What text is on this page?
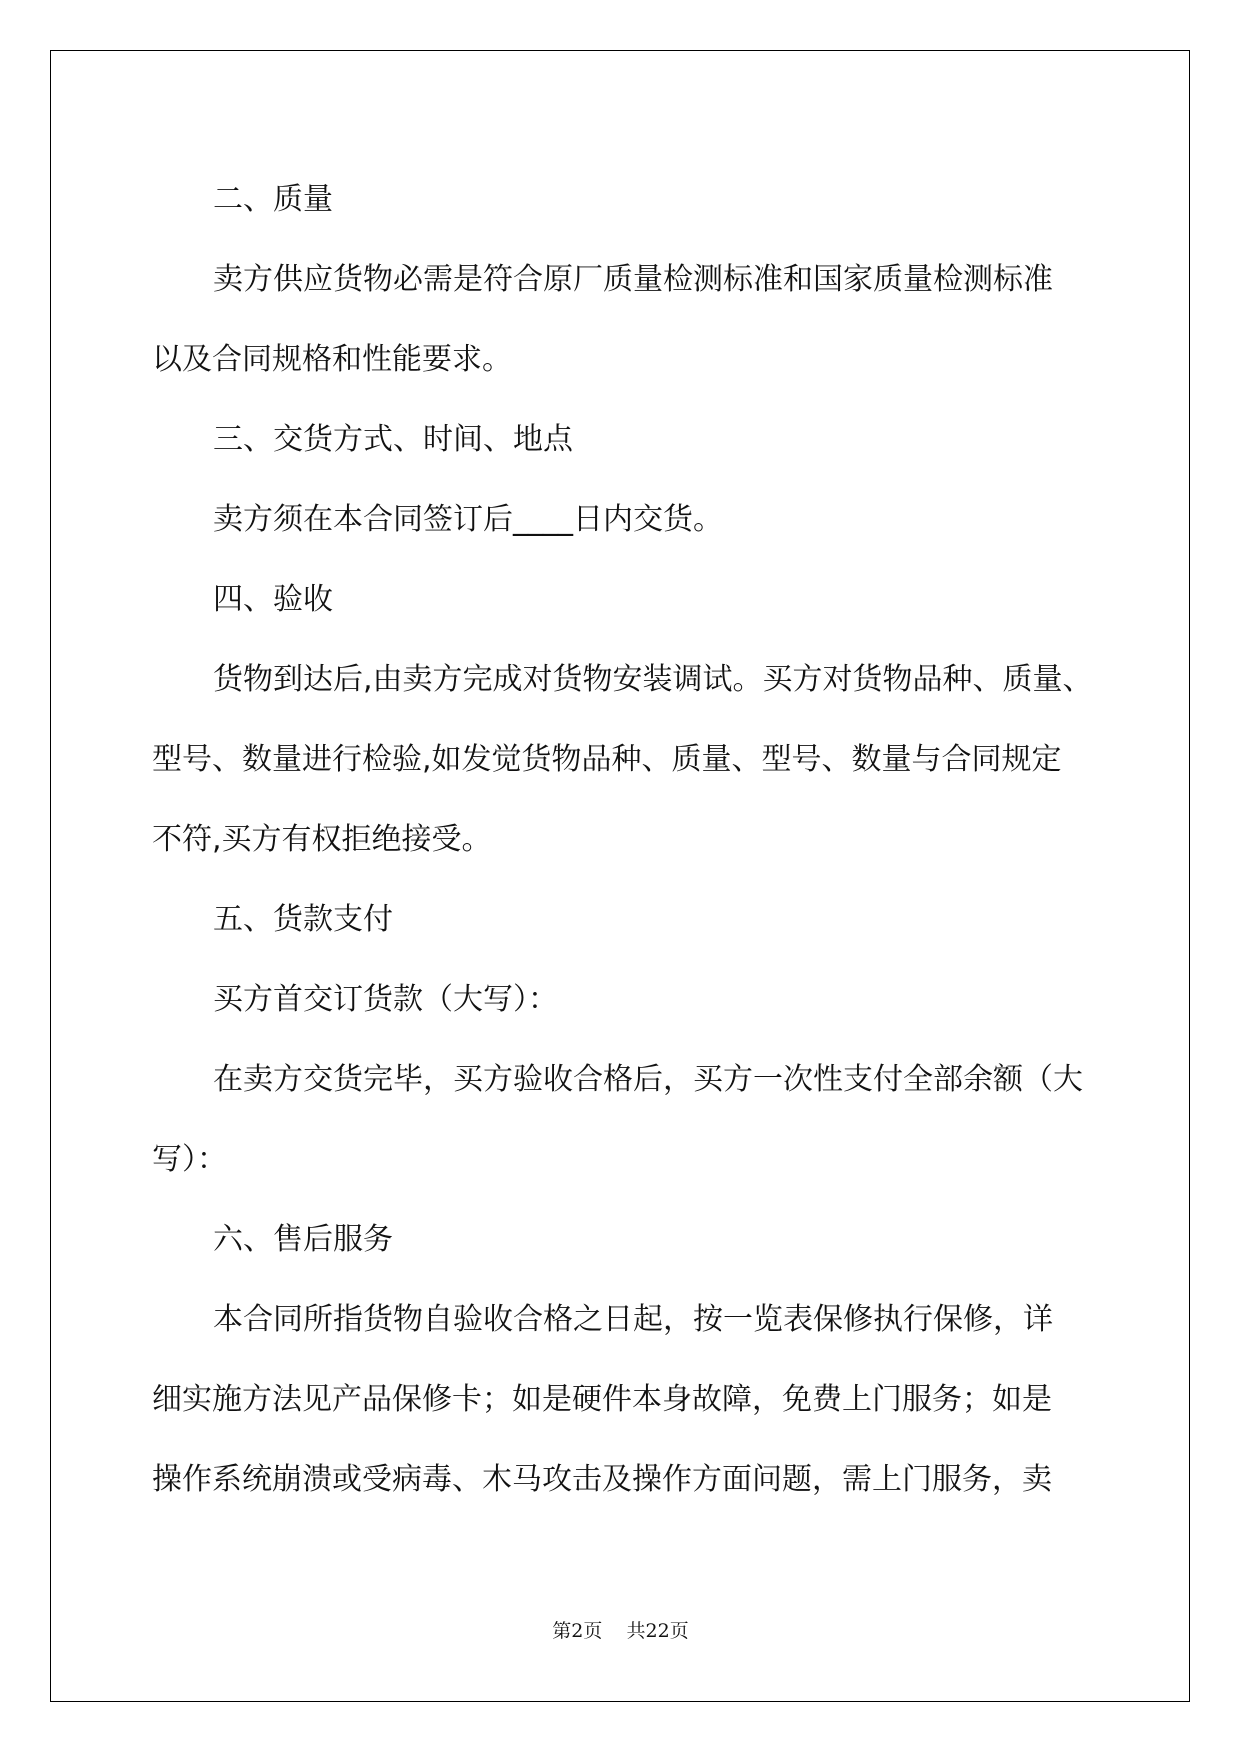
二、质量

卖方供应货物必需是符合原厂质量检测标准和国家质量检测标准

以及合同规格和性能要求。

三、交货方式、时间、地点

卖方须在本合同签订后____日内交货。

四、验收

货物到达后,由卖方完成对货物安装调试。买方对货物品种、质量、

型号、数量进行检验,如发觉货物品种、质量、型号、数量与合同规定

不符,买方有权拒绝接受。

五、货款支付

买方首交订货款（大写）：

在卖方交货完毕，买方验收合格后，买方一次性支付全部余额（大

写）：

六、售后服务

本合同所指货物自验收合格之日起，按一览表保修执行保修，详

细实施方法见产品保修卡；如是硬件本身故障，免费上门服务；如是

操作系统崩溃或受病毒、木马攻击及操作方面问题，需上门服务，卖

第2页    共22页
